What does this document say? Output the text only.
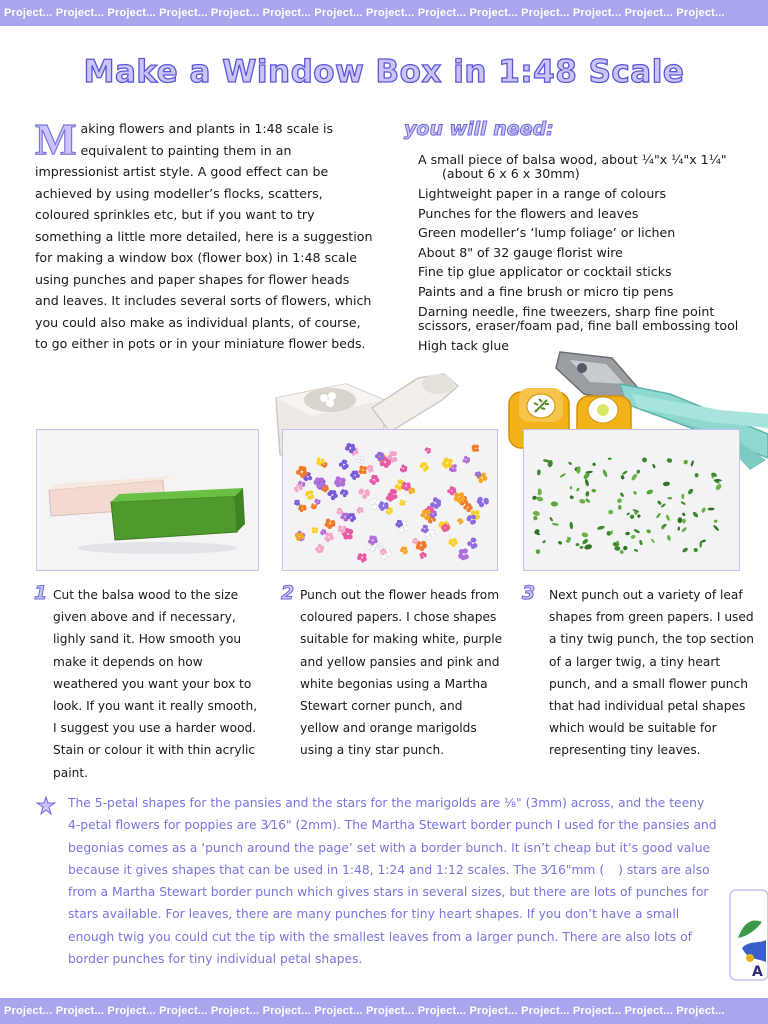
Project... Project... Project... Project... Project... Project... Project... Project... Project... Project... Project... Project... Project... Project...
Make a Window Box in 1:48 Scale
Making flowers and plants in 1:48 scale is equivalent to painting them in an impressionist artist style. A good effect can be achieved by using modeller’s flocks, scatters, coloured sprinkles etc, but if you want to try something a little more detailed, here is a suggestion for making a window box (flower box) in 1:48 scale using punches and paper shapes for flower heads and leaves. It includes several sorts of flowers, which you could also make as individual plants, of course, to go either in pots or in your miniature flower beds.
you will need:
A small piece of balsa wood, about ¼"x ¼"x 1¼"
(about 6 x 6 x 30mm)
Lightweight paper in a range of colours
Punches for the flowers and leaves
Green modeller’s ‘lump foliage’ or lichen
About 8" of 32 gauge florist wire
Fine tip glue applicator or cocktail sticks
Paints and a fine brush or micro tip pens
Darning needle, fine tweezers, sharp fine point
scissors, eraser/foam pad, fine ball embossing tool
High tack glue
1 Cut the balsa wood to the size given above and if necessary, lighly sand it. How smooth you make it depends on how weathered you want your box to look. If you want it really smooth, I suggest you use a harder wood. Stain or colour it with thin acrylic paint.
2 Punch out the flower heads from coloured papers. I chose shapes suitable for making white, purple and yellow pansies and pink and white begonias using a Martha Stewart corner punch, and yellow and orange marigolds using a tiny star punch.
3 Next punch out a variety of leaf shapes from green papers. I used a tiny twig punch, the top section of a larger twig, a tiny heart punch, and a small flower punch that had individual petal shapes which would be suitable for representing tiny leaves.
The 5-petal shapes for the pansies and the stars for the marigolds are ⅛" (3mm) across, and the teeny 4-petal flowers for poppies are 3⁄16" (2mm). The Martha Stewart border punch I used for the pansies and begonias comes as a ‘punch around the page’ set with a border bunch. It isn’t cheap but it’s good value because it gives shapes that can be used in 1:48, 1:24 and 1:12 scales. The 3⁄16"mm ( ) stars are also from a Martha Stewart border punch which gives stars in several sizes, but there are lots of punches for stars available. For leaves, there are many punches for tiny heart shapes. If you don’t have a small enough twig you could cut the tip with the smallest leaves from a larger punch. There are also lots of border punches for tiny individual petal shapes.
A
Project... Project... Project... Project... Project... Project... Project... Project... Project... Project... Project... Project... Project... Project...
